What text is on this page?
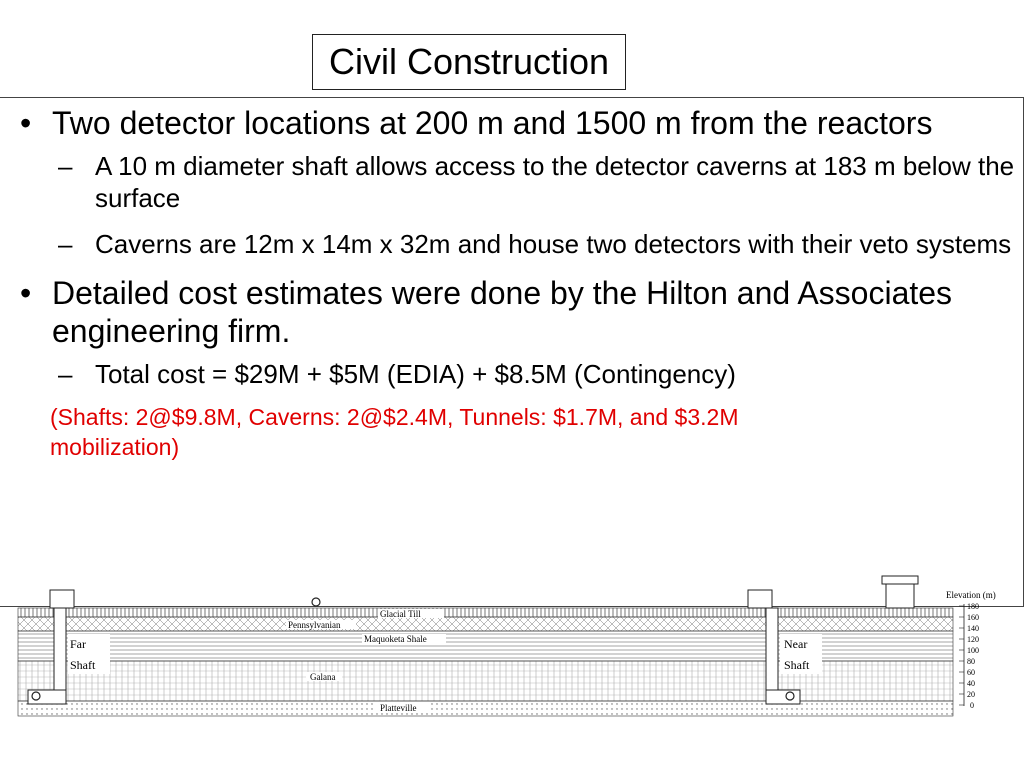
Civil Construction
• Two detector locations at 200 m and 1500 m from the reactors
– A 10 m diameter shaft allows access to the detector caverns at 183 m below the surface
– Caverns are 12m x 14m x 32m and house two detectors with their veto systems
• Detailed cost estimates were done by the Hilton and Associates engineering firm.
– Total cost = $29M + $5M (EDIA) + $8.5M (Contingency)
(Shafts: 2@$9.8M, Caverns: 2@$2.4M, Tunnels: $1.7M, and $3.2M
mobilization)
Glacial Till
Pennsylvanian
Maquoketa Shale
Galana
Platteville
Far
Shaft
Near
Shaft
Elevation (m)
180
160
140
120
100
80
60
40
20
0
